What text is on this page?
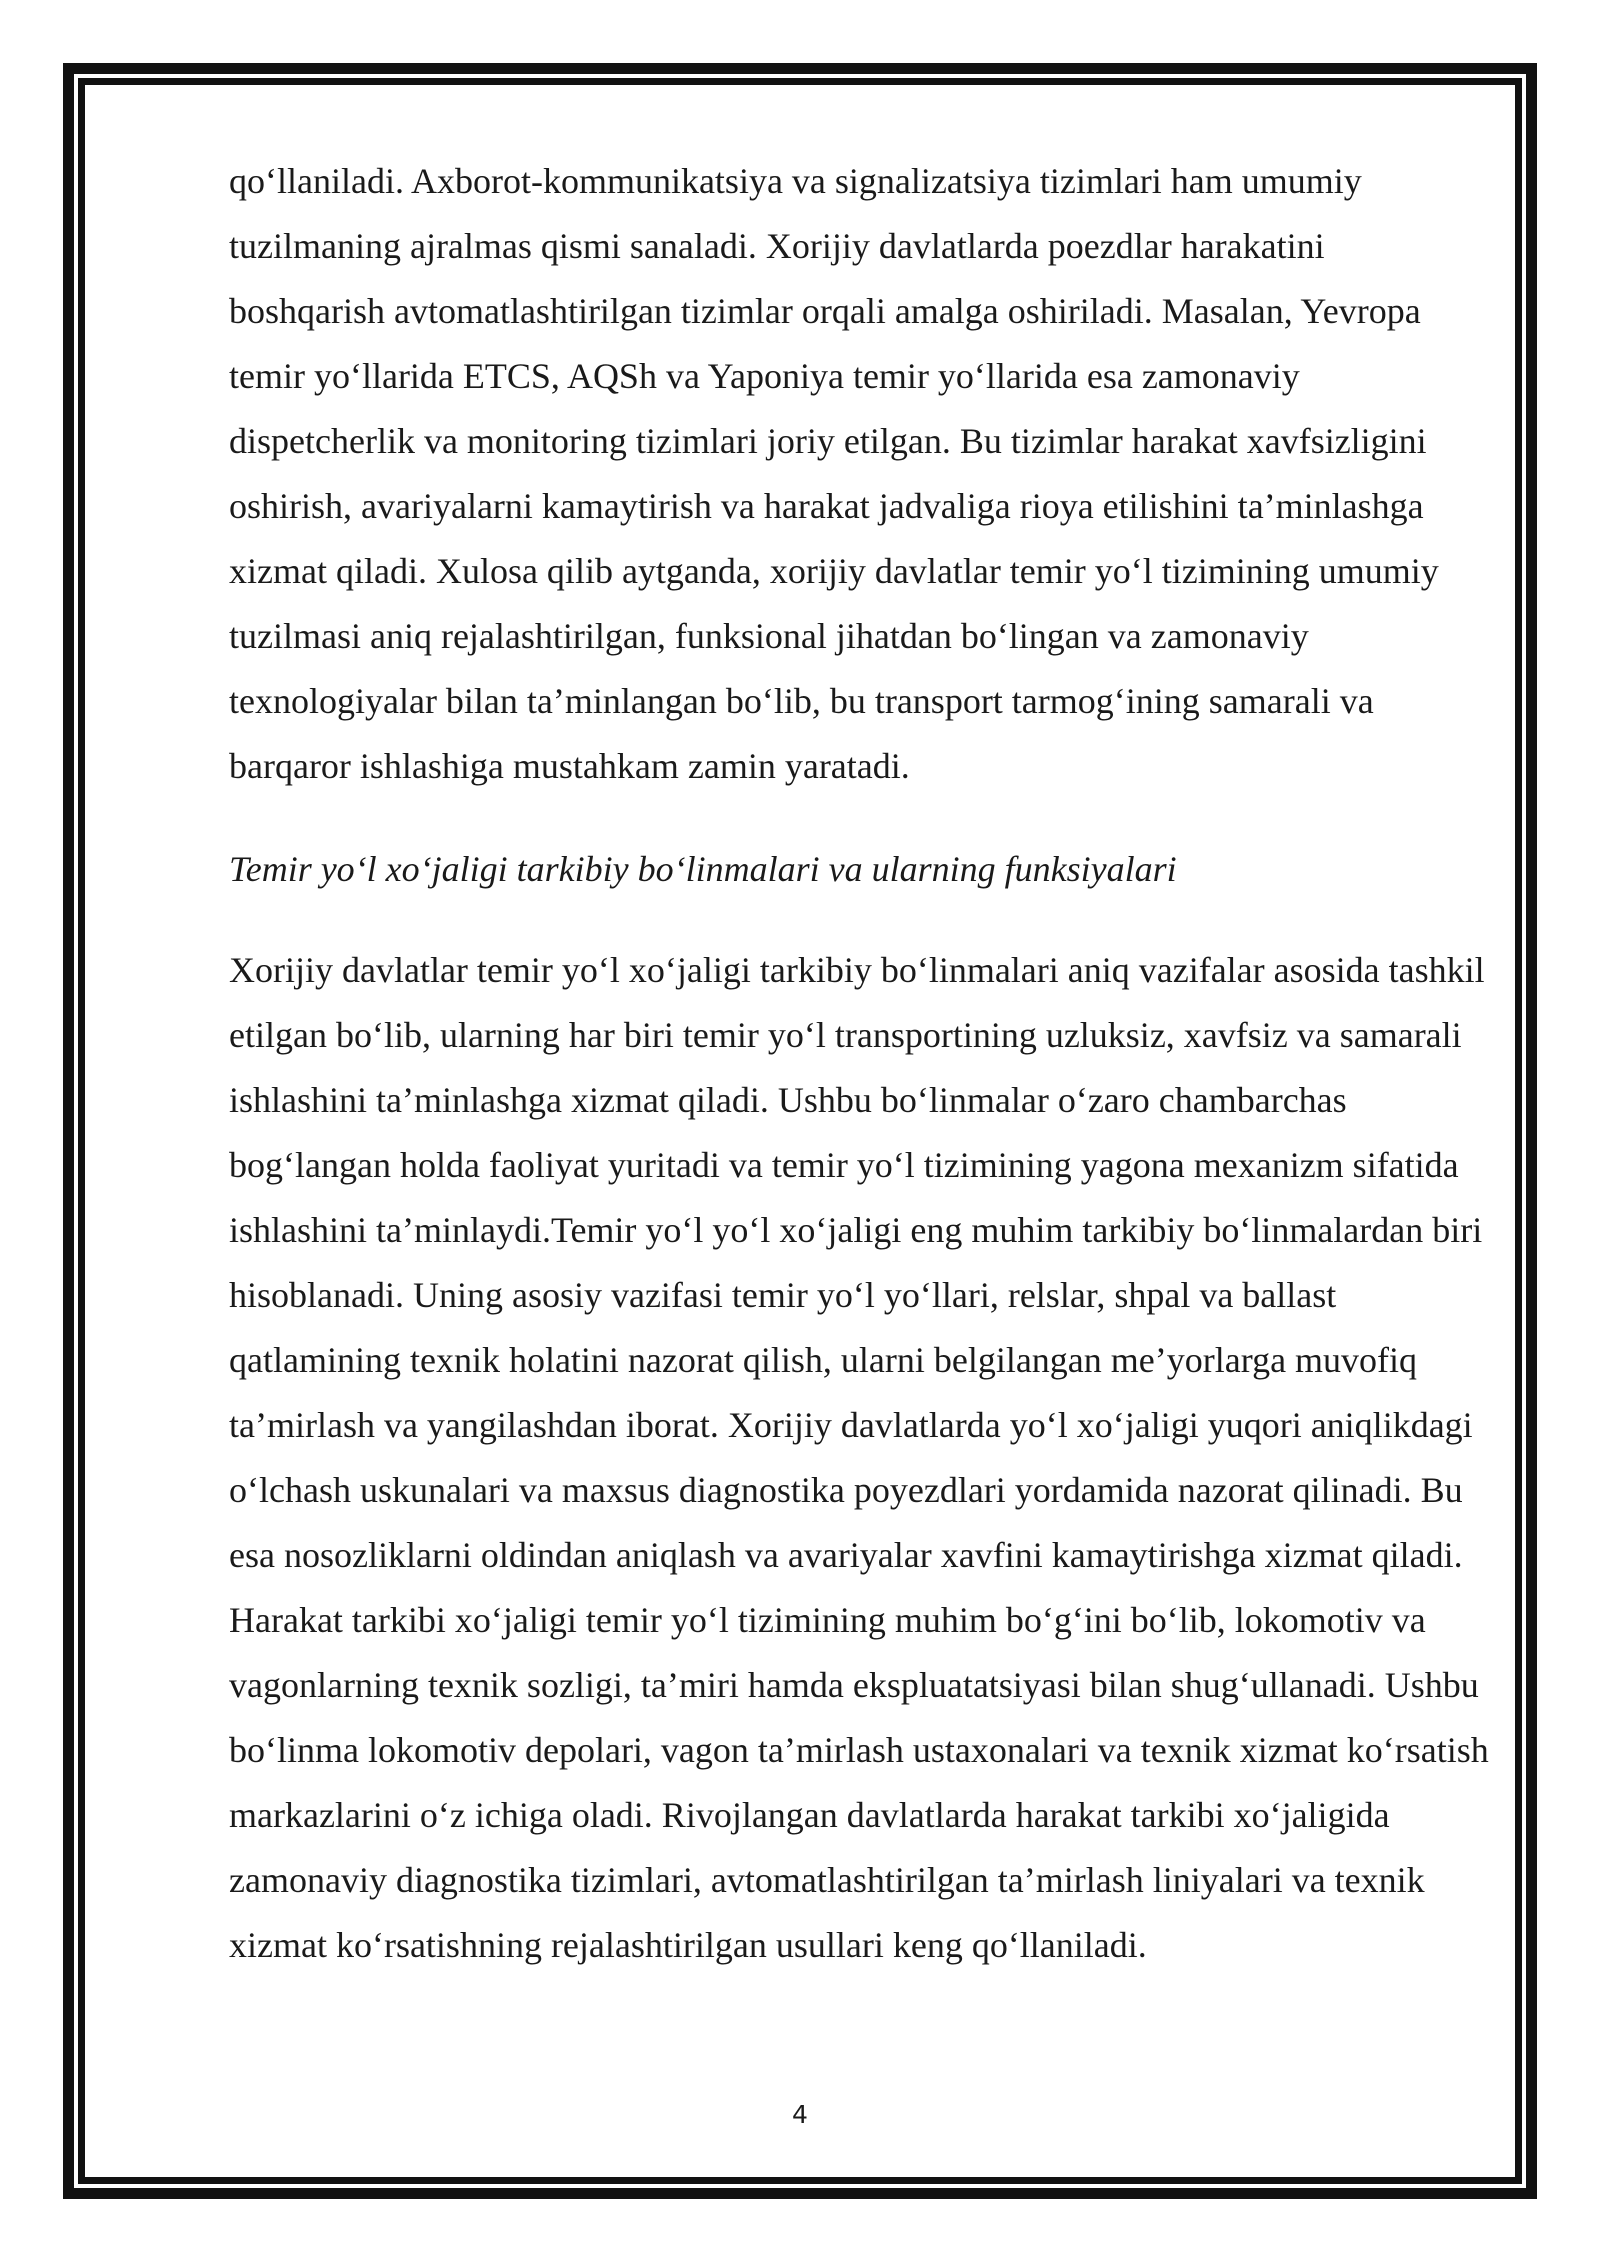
qo‘llaniladi. Axborot-kommunikatsiya va signalizatsiya tizimlari ham umumiy tuzilmaning ajralmas qismi sanaladi. Xorijiy davlatlarda poezdlar harakatini boshqarish avtomatlashtirilgan tizimlar orqali amalga oshiriladi. Masalan, Yevropa temir yo‘llarida ETCS, AQSh va Yaponiya temir yo‘llarida esa zamonaviy dispetcherlik va monitoring tizimlari joriy etilgan. Bu tizimlar harakat xavfsizligini oshirish, avariyalarni kamaytirish va harakat jadvaliga rioya etilishini ta’minlashga xizmat qiladi. Xulosa qilib aytganda, xorijiy davlatlar temir yo‘l tizimining umumiy tuzilmasi aniq rejalashtirilgan, funksional jihatdan bo‘lingan va zamonaviy texnologiyalar bilan ta’minlangan bo‘lib, bu transport tarmog‘ining samarali va barqaror ishlashiga mustahkam zamin yaratadi.

Temir yo‘l xo‘jaligi tarkibiy bo‘linmalari va ularning funksiyalari

Xorijiy davlatlar temir yo‘l xo‘jaligi tarkibiy bo‘linmalari aniq vazifalar asosida tashkil etilgan bo‘lib, ularning har biri temir yo‘l transportining uzluksiz, xavfsiz va samarali ishlashini ta’minlashga xizmat qiladi. Ushbu bo‘linmalar o‘zaro chambarchas bog‘langan holda faoliyat yuritadi va temir yo‘l tizimining yagona mexanizm sifatida ishlashini ta’minlaydi.Temir yo‘l yo‘l xo‘jaligi eng muhim tarkibiy bo‘linmalardan biri hisoblanadi. Uning asosiy vazifasi temir yo‘l yo‘llari, relslar, shpal va ballast qatlamining texnik holatini nazorat qilish, ularni belgilangan me’yorlarga muvofiq ta’mirlash va yangilashdan iborat. Xorijiy davlatlarda yo‘l xo‘jaligi yuqori aniqlikdagi o‘lchash uskunalari va maxsus diagnostika poyezdlari yordamida nazorat qilinadi. Bu esa nosozliklarni oldindan aniqlash va avariyalar xavfini kamaytirishga xizmat qiladi. Harakat tarkibi xo‘jaligi temir yo‘l tizimining muhim bo‘g‘ini bo‘lib, lokomotiv va vagonlarning texnik sozligi, ta’miri hamda ekspluatatsiyasi bilan shug‘ullanadi. Ushbu bo‘linma lokomotiv depolari, vagon ta’mirlash ustaxonalari va texnik xizmat ko‘rsatish markazlarini o‘z ichiga oladi. Rivojlangan davlatlarda harakat tarkibi xo‘jaligida zamonaviy diagnostika tizimlari, avtomatlashtirilgan ta’mirlash liniyalari va texnik xizmat ko‘rsatishning rejalashtirilgan usullari keng qo‘llaniladi.

4
